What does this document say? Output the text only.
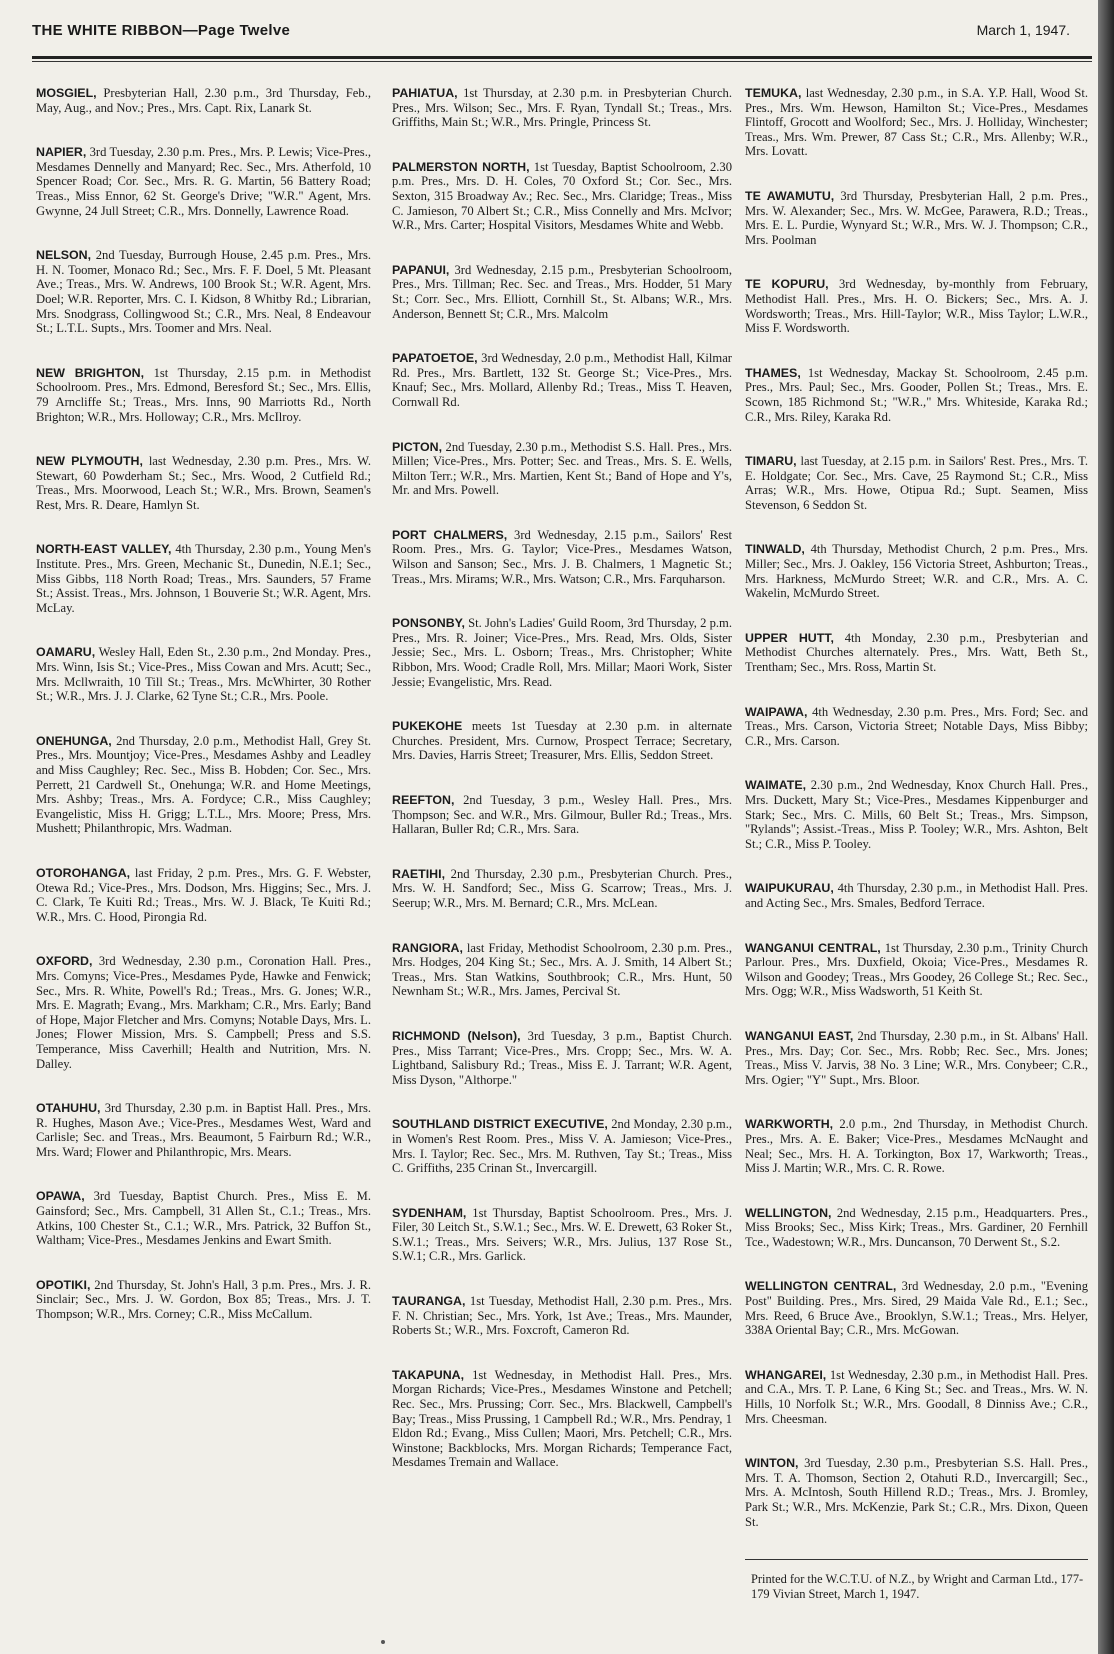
THE WHITE RIBBON—Page Twelve	March 1, 1947.

MOSGIEL, Presbyterian Hall, 2.30 p.m., 3rd Thursday, Feb., May, Aug., and Nov.; Pres., Mrs. Capt. Rix, Lanark St.

NAPIER, 3rd Tuesday, 2.30 p.m. Pres., Mrs. P. Lewis; Vice-Pres., Mesdames Dennelly and Manyard; Rec. Sec., Mrs. Atherfold, 10 Spencer Road; Cor. Sec., Mrs. R. G. Martin, 56 Battery Road; Treas., Miss Ennor, 62 St. George's Drive; "W.R." Agent, Mrs. Gwynne, 24 Jull Street; C.R., Mrs. Donnelly, Lawrence Road.

NELSON, 2nd Tuesday, Burrough House, 2.45 p.m. Pres., Mrs. H. N. Toomer, Monaco Rd.; Sec., Mrs. F. F. Doel, 5 Mt. Pleasant Ave.; Treas., Mrs. W. Andrews, 100 Brook St.; W.R. Agent, Mrs. Doel; W.R. Reporter, Mrs. C. I. Kidson, 8 Whitby Rd.; Librarian, Mrs. Snodgrass, Collingwood St.; C.R., Mrs. Neal, 8 Endeavour St.; L.T.L. Supts., Mrs. Toomer and Mrs. Neal.

NEW BRIGHTON, 1st Thursday, 2.15 p.m. in Methodist Schoolroom. Pres., Mrs. Edmond, Beresford St.; Sec., Mrs. Ellis, 79 Arncliffe St.; Treas., Mrs. Inns, 90 Marriotts Rd., North Brighton; W.R., Mrs. Holloway; C.R., Mrs. McIlroy.

NEW PLYMOUTH, last Wednesday, 2.30 p.m. Pres., Mrs. W. Stewart, 60 Powderham St.; Sec., Mrs. Wood, 2 Cutfield Rd.; Treas., Mrs. Moorwood, Leach St.; W.R., Mrs. Brown, Seamen's Rest, Mrs. R. Deare, Hamlyn St.

NORTH-EAST VALLEY, 4th Thursday, 2.30 p.m., Young Men's Institute. Pres., Mrs. Green, Mechanic St., Dunedin, N.E.1; Sec., Miss Gibbs, 118 North Road; Treas., Mrs. Saunders, 57 Frame St.; Assist. Treas., Mrs. Johnson, 1 Bouverie St.; W.R. Agent, Mrs. McLay.

OAMARU, Wesley Hall, Eden St., 2.30 p.m., 2nd Monday. Pres., Mrs. Winn, Isis St.; Vice-Pres., Miss Cowan and Mrs. Acutt; Sec., Mrs. Mcllwraith, 10 Till St.; Treas., Mrs. McWhirter, 30 Rother St.; W.R., Mrs. J. J. Clarke, 62 Tyne St.; C.R., Mrs. Poole.

ONEHUNGA, 2nd Thursday, 2.0 p.m., Methodist Hall, Grey St. Pres., Mrs. Mountjoy; Vice-Pres., Mesdames Ashby and Leadley and Miss Caughley; Rec. Sec., Miss B. Hobden; Cor. Sec., Mrs. Perrett, 21 Cardwell St., Onehunga; W.R. and Home Meetings, Mrs. Ashby; Treas., Mrs. A. Fordyce; C.R., Miss Caughley; Evangelistic, Miss H. Grigg; L.T.L., Mrs. Moore; Press, Mrs. Mushett; Philanthropic, Mrs. Wadman.

OTOROHANGA, last Friday, 2 p.m. Pres., Mrs. G. F. Webster, Otewa Rd.; Vice-Pres., Mrs. Dodson, Mrs. Higgins; Sec., Mrs. J. C. Clark, Te Kuiti Rd.; Treas., Mrs. W. J. Black, Te Kuiti Rd.; W.R., Mrs. C. Hood, Pirongia Rd.

OXFORD, 3rd Wednesday, 2.30 p.m., Coronation Hall. Pres., Mrs. Comyns; Vice-Pres., Mesdames Pyde, Hawke and Fenwick; Sec., Mrs. R. White, Powell's Rd.; Treas., Mrs. G. Jones; W.R., Mrs. E. Magrath; Evang., Mrs. Markham; C.R., Mrs. Early; Band of Hope, Major Fletcher and Mrs. Comyns; Notable Days, Mrs. L. Jones; Flower Mission, Mrs. S. Campbell; Press and S.S. Temperance, Miss Caverhill; Health and Nutrition, Mrs. N. Dalley.

OTAHUHU, 3rd Thursday, 2.30 p.m. in Baptist Hall. Pres., Mrs. R. Hughes, Mason Ave.; Vice-Pres., Mesdames West, Ward and Carlisle; Sec. and Treas., Mrs. Beaumont, 5 Fairburn Rd.; W.R., Mrs. Ward; Flower and Philanthropic, Mrs. Mears.

OPAWA, 3rd Tuesday, Baptist Church. Pres., Miss E. M. Gainsford; Sec., Mrs. Campbell, 31 Allen St., C.1.; Treas., Mrs. Atkins, 100 Chester St., C.1.; W.R., Mrs. Patrick, 32 Buffon St., Waltham; Vice-Pres., Mesdames Jenkins and Ewart Smith.

OPOTIKI, 2nd Thursday, St. John's Hall, 3 p.m. Pres., Mrs. J. R. Sinclair; Sec., Mrs. J. W. Gordon, Box 85; Treas., Mrs. J. T. Thompson; W.R., Mrs. Corney; C.R., Miss McCallum.

PAHIATUA, 1st Thursday, at 2.30 p.m. in Presbyterian Church. Pres., Mrs. Wilson; Sec., Mrs. F. Ryan, Tyndall St.; Treas., Mrs. Griffiths, Main St.; W.R., Mrs. Pringle, Princess St.

PALMERSTON NORTH, 1st Tuesday, Baptist Schoolroom, 2.30 p.m. Pres., Mrs. D. H. Coles, 70 Oxford St.; Cor. Sec., Mrs. Sexton, 315 Broadway Av.; Rec. Sec., Mrs. Claridge; Treas., Miss C. Jamieson, 70 Albert St.; C.R., Miss Connelly and Mrs. McIvor; W.R., Mrs. Carter; Hospital Visitors, Mesdames White and Webb.

PAPANUI, 3rd Wednesday, 2.15 p.m., Presbyterian Schoolroom, Pres., Mrs. Tillman; Rec. Sec. and Treas., Mrs. Hodder, 51 Mary St.; Corr. Sec., Mrs. Elliott, Cornhill St., St. Albans; W.R., Mrs. Anderson, Bennett St; C.R., Mrs. Malcolm

PAPATOETOE, 3rd Wednesday, 2.0 p.m., Methodist Hall, Kilmar Rd. Pres., Mrs. Bartlett, 132 St. George St.; Vice-Pres., Mrs. Knauf; Sec., Mrs. Mollard, Allenby Rd.; Treas., Miss T. Heaven, Cornwall Rd.

PICTON, 2nd Tuesday, 2.30 p.m., Methodist S.S. Hall. Pres., Mrs. Millen; Vice-Pres., Mrs. Potter; Sec. and Treas., Mrs. S. E. Wells, Milton Terr.; W.R., Mrs. Martien, Kent St.; Band of Hope and Y's, Mr. and Mrs. Powell.

PORT CHALMERS, 3rd Wednesday, 2.15 p.m., Sailors' Rest Room. Pres., Mrs. G. Taylor; Vice-Pres., Mesdames Watson, Wilson and Sanson; Sec., Mrs. J. B. Chalmers, 1 Magnetic St.; Treas., Mrs. Mirams; W.R., Mrs. Watson; C.R., Mrs. Farquharson.

PONSONBY, St. John's Ladies' Guild Room, 3rd Thursday, 2 p.m. Pres., Mrs. R. Joiner; Vice-Pres., Mrs. Read, Mrs. Olds, Sister Jessie; Sec., Mrs. L. Osborn; Treas., Mrs. Christopher; White Ribbon, Mrs. Wood; Cradle Roll, Mrs. Millar; Maori Work, Sister Jessie; Evangelistic, Mrs. Read.

PUKEKOHE meets 1st Tuesday at 2.30 p.m. in alternate Churches. President, Mrs. Curnow, Prospect Terrace; Secretary, Mrs. Davies, Harris Street; Treasurer, Mrs. Ellis, Seddon Street.

REEFTON, 2nd Tuesday, 3 p.m., Wesley Hall. Pres., Mrs. Thompson; Sec. and W.R., Mrs. Gilmour, Buller Rd.; Treas., Mrs. Hallaran, Buller Rd; C.R., Mrs. Sara.

RAETIHI, 2nd Thursday, 2.30 p.m., Presbyterian Church. Pres., Mrs. W. H. Sandford; Sec., Miss G. Scarrow; Treas., Mrs. J. Seerup; W.R., Mrs. M. Bernard; C.R., Mrs. McLean.

RANGIORA, last Friday, Methodist Schoolroom, 2.30 p.m. Pres., Mrs. Hodges, 204 King St.; Sec., Mrs. A. J. Smith, 14 Albert St.; Treas., Mrs. Stan Watkins, Southbrook; C.R., Mrs. Hunt, 50 Newnham St.; W.R., Mrs. James, Percival St.

RICHMOND (Nelson), 3rd Tuesday, 3 p.m., Baptist Church. Pres., Miss Tarrant; Vice-Pres., Mrs. Cropp; Sec., Mrs. W. A. Lightband, Salisbury Rd.; Treas., Miss E. J. Tarrant; W.R. Agent, Miss Dyson, "Althorpe."

SOUTHLAND DISTRICT EXECUTIVE, 2nd Monday, 2.30 p.m., in Women's Rest Room. Pres., Miss V. A. Jamieson; Vice-Pres., Mrs. I. Taylor; Rec. Sec., Mrs. M. Ruthven, Tay St.; Treas., Miss C. Griffiths, 235 Crinan St., Invercargill.

SYDENHAM, 1st Thursday, Baptist Schoolroom. Pres., Mrs. J. Filer, 30 Leitch St., S.W.1.; Sec., Mrs. W. E. Drewett, 63 Roker St., S.W.1.; Treas., Mrs. Seivers; W.R., Mrs. Julius, 137 Rose St., S.W.1; C.R., Mrs. Garlick.

TAURANGA, 1st Tuesday, Methodist Hall, 2.30 p.m. Pres., Mrs. F. N. Christian; Sec., Mrs. York, 1st Ave.; Treas., Mrs. Maunder, Roberts St.; W.R., Mrs. Foxcroft, Cameron Rd.

TAKAPUNA, 1st Wednesday, in Methodist Hall. Pres., Mrs. Morgan Richards; Vice-Pres., Mesdames Winstone and Petchell; Rec. Sec., Mrs. Prussing; Corr. Sec., Mrs. Blackwell, Campbell's Bay; Treas., Miss Prussing, 1 Campbell Rd.; W.R., Mrs. Pendray, 1 Eldon Rd.; Evang., Miss Cullen; Maori, Mrs. Petchell; C.R., Mrs. Winstone; Backblocks, Mrs. Morgan Richards; Temperance Fact, Mesdames Tremain and Wallace.

TEMUKA, last Wednesday, 2.30 p.m., in S.A. Y.P. Hall, Wood St. Pres., Mrs. Wm. Hewson, Hamilton St.; Vice-Pres., Mesdames Flintoff, Grocott and Woolford; Sec., Mrs. J. Holliday, Winchester; Treas., Mrs. Wm. Prewer, 87 Cass St.; C.R., Mrs. Allenby; W.R., Mrs. Lovatt.

TE AWAMUTU, 3rd Thursday, Presbyterian Hall, 2 p.m. Pres., Mrs. W. Alexander; Sec., Mrs. W. McGee, Parawera, R.D.; Treas., Mrs. E. L. Purdie, Wynyard St.; W.R., Mrs. W. J. Thompson; C.R., Mrs. Poolman

TE KOPURU, 3rd Wednesday, by-monthly from February, Methodist Hall. Pres., Mrs. H. O. Bickers; Sec., Mrs. A. J. Wordsworth; Treas., Mrs. Hill-Taylor; W.R., Miss Taylor; L.W.R., Miss F. Wordsworth.

THAMES, 1st Wednesday, Mackay St. Schoolroom, 2.45 p.m. Pres., Mrs. Paul; Sec., Mrs. Gooder, Pollen St.; Treas., Mrs. E. Scown, 185 Richmond St.; "W.R.," Mrs. Whiteside, Karaka Rd.; C.R., Mrs. Riley, Karaka Rd.

TIMARU, last Tuesday, at 2.15 p.m. in Sailors' Rest. Pres., Mrs. T. E. Holdgate; Cor. Sec., Mrs. Cave, 25 Raymond St.; C.R., Miss Arras; W.R., Mrs. Howe, Otipua Rd.; Supt. Seamen, Miss Stevenson, 6 Seddon St.

TINWALD, 4th Thursday, Methodist Church, 2 p.m. Pres., Mrs. Miller; Sec., Mrs. J. Oakley, 156 Victoria Street, Ashburton; Treas., Mrs. Harkness, McMurdo Street; W.R. and C.R., Mrs. A. C. Wakelin, McMurdo Street.

UPPER HUTT, 4th Monday, 2.30 p.m., Presbyterian and Methodist Churches alternately. Pres., Mrs. Watt, Beth St., Trentham; Sec., Mrs. Ross, Martin St.

WAIPAWA, 4th Wednesday, 2.30 p.m. Pres., Mrs. Ford; Sec. and Treas., Mrs. Carson, Victoria Street; Notable Days, Miss Bibby; C.R., Mrs. Carson.

WAIMATE, 2.30 p.m., 2nd Wednesday, Knox Church Hall. Pres., Mrs. Duckett, Mary St.; Vice-Pres., Mesdames Kippenburger and Stark; Sec., Mrs. C. Mills, 60 Belt St.; Treas., Mrs. Simpson, "Rylands"; Assist.-Treas., Miss P. Tooley; W.R., Mrs. Ashton, Belt St.; C.R., Miss P. Tooley.

WAIPUKURAU, 4th Thursday, 2.30 p.m., in Methodist Hall. Pres. and Acting Sec., Mrs. Smales, Bedford Terrace.

WANGANUI CENTRAL, 1st Thursday, 2.30 p.m., Trinity Church Parlour. Pres., Mrs. Duxfield, Okoia; Vice-Pres., Mesdames R. Wilson and Goodey; Treas., Mrs Goodey, 26 College St.; Rec. Sec., Mrs. Ogg; W.R., Miss Wadsworth, 51 Keith St.

WANGANUI EAST, 2nd Thursday, 2.30 p.m., in St. Albans' Hall. Pres., Mrs. Day; Cor. Sec., Mrs. Robb; Rec. Sec., Mrs. Jones; Treas., Miss V. Jarvis, 38 No. 3 Line; W.R., Mrs. Conybeer; C.R., Mrs. Ogier; "Y" Supt., Mrs. Bloor.

WARKWORTH, 2.0 p.m., 2nd Thursday, in Methodist Church. Pres., Mrs. A. E. Baker; Vice-Pres., Mesdames McNaught and Neal; Sec., Mrs. H. A. Torkington, Box 17, Warkworth; Treas., Miss J. Martin; W.R., Mrs. C. R. Rowe.

WELLINGTON, 2nd Wednesday, 2.15 p.m., Headquarters. Pres., Miss Brooks; Sec., Miss Kirk; Treas., Mrs. Gardiner, 20 Fernhill Tce., Wadestown; W.R., Mrs. Duncanson, 70 Derwent St., S.2.

WELLINGTON CENTRAL, 3rd Wednesday, 2.0 p.m., "Evening Post" Building. Pres., Mrs. Sired, 29 Maida Vale Rd., E.1.; Sec., Mrs. Reed, 6 Bruce Ave., Brooklyn, S.W.1.; Treas., Mrs. Helyer, 338A Oriental Bay; C.R., Mrs. McGowan.

WHANGAREI, 1st Wednesday, 2.30 p.m., in Methodist Hall. Pres. and C.A., Mrs. T. P. Lane, 6 King St.; Sec. and Treas., Mrs. W. N. Hills, 10 Norfolk St.; W.R., Mrs. Goodall, 8 Dinniss Ave.; C.R., Mrs. Cheesman.

WINTON, 3rd Tuesday, 2.30 p.m., Presbyterian S.S. Hall. Pres., Mrs. T. A. Thomson, Section 2, Otahuti R.D., Invercargill; Sec., Mrs. A. McIntosh, South Hillend R.D.; Treas., Mrs. J. Bromley, Park St.; W.R., Mrs. McKenzie, Park St.; C.R., Mrs. Dixon, Queen St.

Printed for the W.C.T.U. of N.Z., by Wright and Carman Ltd., 177-179 Vivian Street, March 1, 1947.
